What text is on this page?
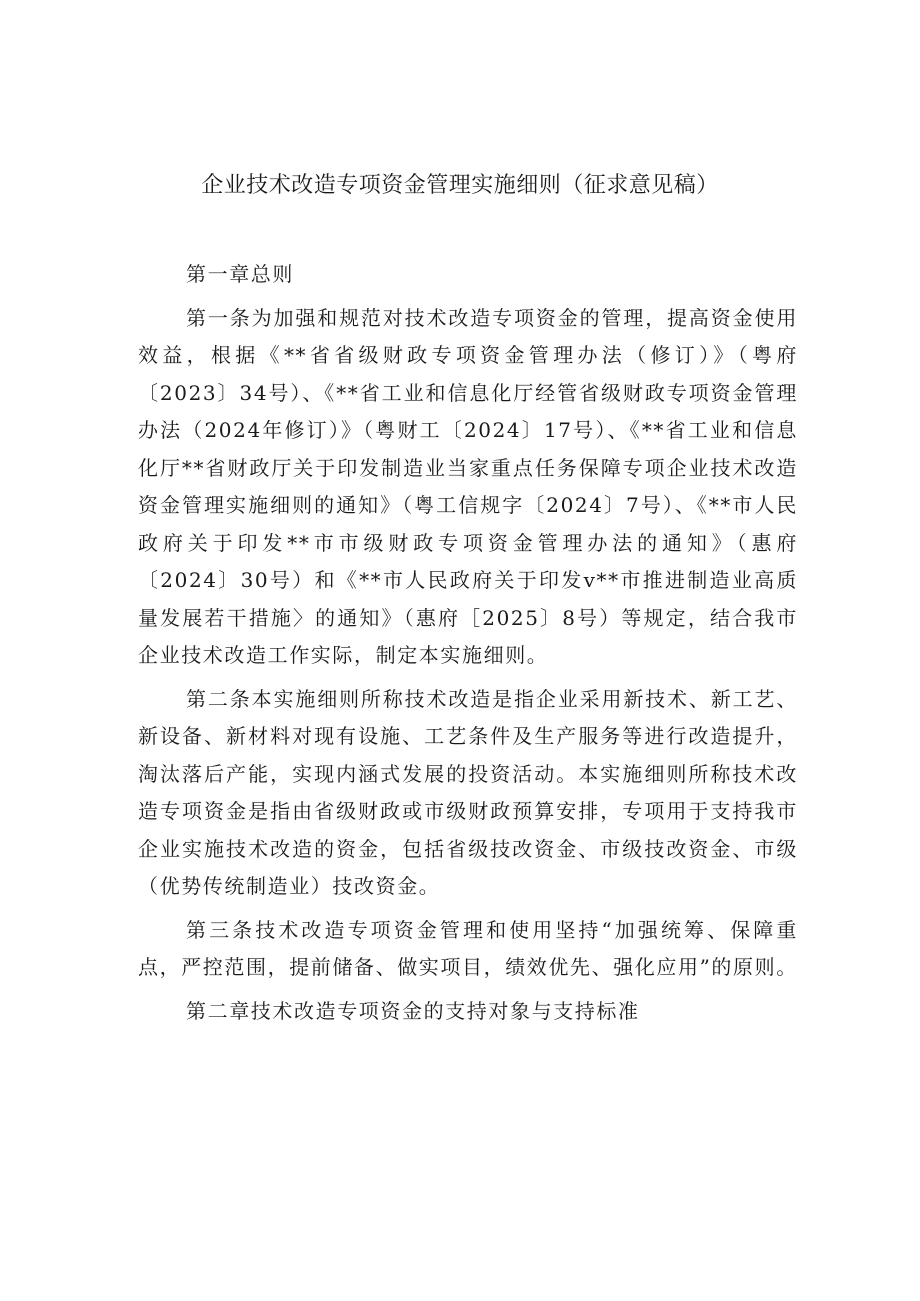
企业技术改造专项资金管理实施细则（征求意见稿）

第一章总则

第一条为加强和规范对技术改造专项资金的管理，提高资金使用效益，根据《**省省级财政专项资金管理办法（修订）》（粤府〔2023〕34号）、《**省工业和信息化厅经管省级财政专项资金管理办法（2024年修订）》（粤财工〔2024〕17号）、《**省工业和信息化厅**省财政厅关于印发制造业当家重点任务保障专项企业技术改造资金管理实施细则的通知》（粤工信规字〔2024〕7号）、《**市人民政府关于印发**市市级财政专项资金管理办法的通知》（惠府〔2024〕30号）和《**市人民政府关于印发v**市推进制造业高质量发展若干措施〉的通知》（惠府［2025〕8号）等规定，结合我市企业技术改造工作实际，制定本实施细则。

第二条本实施细则所称技术改造是指企业采用新技术、新工艺、新设备、新材料对现有设施、工艺条件及生产服务等进行改造提升，淘汰落后产能，实现内涵式发展的投资活动。本实施细则所称技术改造专项资金是指由省级财政或市级财政预算安排，专项用于支持我市企业实施技术改造的资金，包括省级技改资金、市级技改资金、市级（优势传统制造业）技改资金。

第三条技术改造专项资金管理和使用坚持“加强统筹、保障重点，严控范围，提前储备、做实项目，绩效优先、强化应用”的原则。

第二章技术改造专项资金的支持对象与支持标准
